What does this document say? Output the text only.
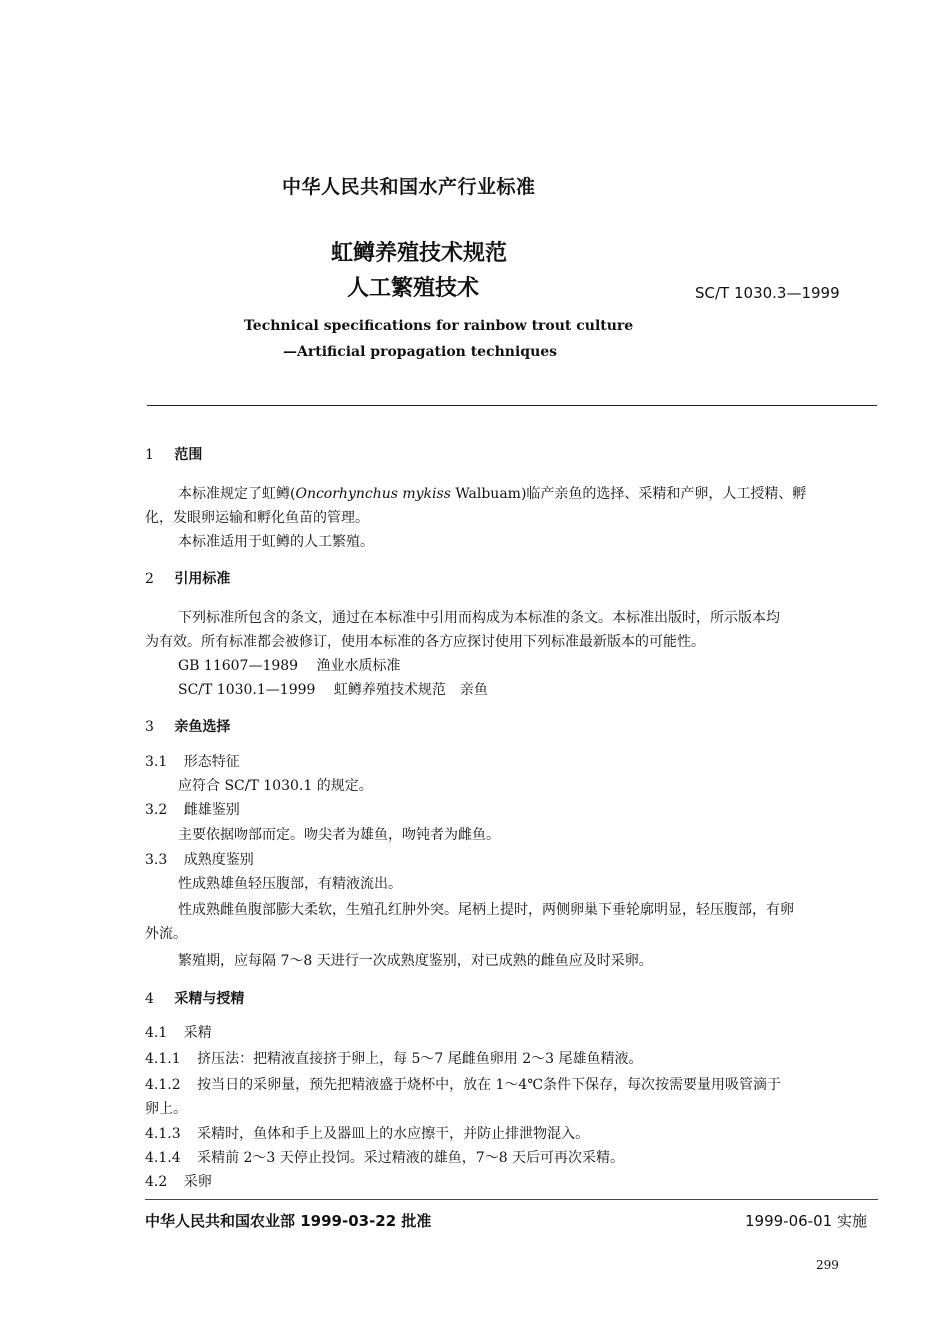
中华人民共和国水产行业标准
虹鳟养殖技术规范
人工繁殖技术	SC/T 1030.3—1999
Technical specifications for rainbow trout culture
—Artificial propagation techniques
1 范围
本标准规定了虹鳟(Oncorhynchus mykiss Walbuam)临产亲鱼的选择、采精和产卵，人工授精、孵
化，发眼卵运输和孵化鱼苗的管理。
本标准适用于虹鳟的人工繁殖。
2 引用标准
下列标准所包含的条文，通过在本标准中引用而构成为本标准的条文。本标准出版时，所示版本均
为有效。所有标准都会被修订，使用本标准的各方应探讨使用下列标准最新版本的可能性。
GB 11607—1989 渔业水质标准
SC/T 1030.1—1999 虹鳟养殖技术规范　亲鱼
3 亲鱼选择
3.1 形态特征
应符合 SC/T 1030.1 的规定。
3.2 雌雄鉴别
主要依据吻部而定。吻尖者为雄鱼，吻钝者为雌鱼。
3.3 成熟度鉴别
性成熟雄鱼轻压腹部，有精液流出。
性成熟雌鱼腹部膨大柔软，生殖孔红肿外突。尾柄上提时，两侧卵巢下垂轮廓明显，轻压腹部，有卵
外流。
繁殖期，应每隔 7～8 天进行一次成熟度鉴别，对已成熟的雌鱼应及时采卵。
4 采精与授精
4.1 采精
4.1.1 挤压法：把精液直接挤于卵上，每 5～7 尾雌鱼卵用 2～3 尾雄鱼精液。
4.1.2 按当日的采卵量，预先把精液盛于烧杯中，放在 1～4℃条件下保存，每次按需要量用吸管滴于
卵上。
4.1.3 采精时，鱼体和手上及器皿上的水应擦干，并防止排泄物混入。
4.1.4 采精前 2～3 天停止投饲。采过精液的雄鱼，7～8 天后可再次采精。
4.2 采卵
中华人民共和国农业部 1999-03-22 批准	1999-06-01 实施
299
